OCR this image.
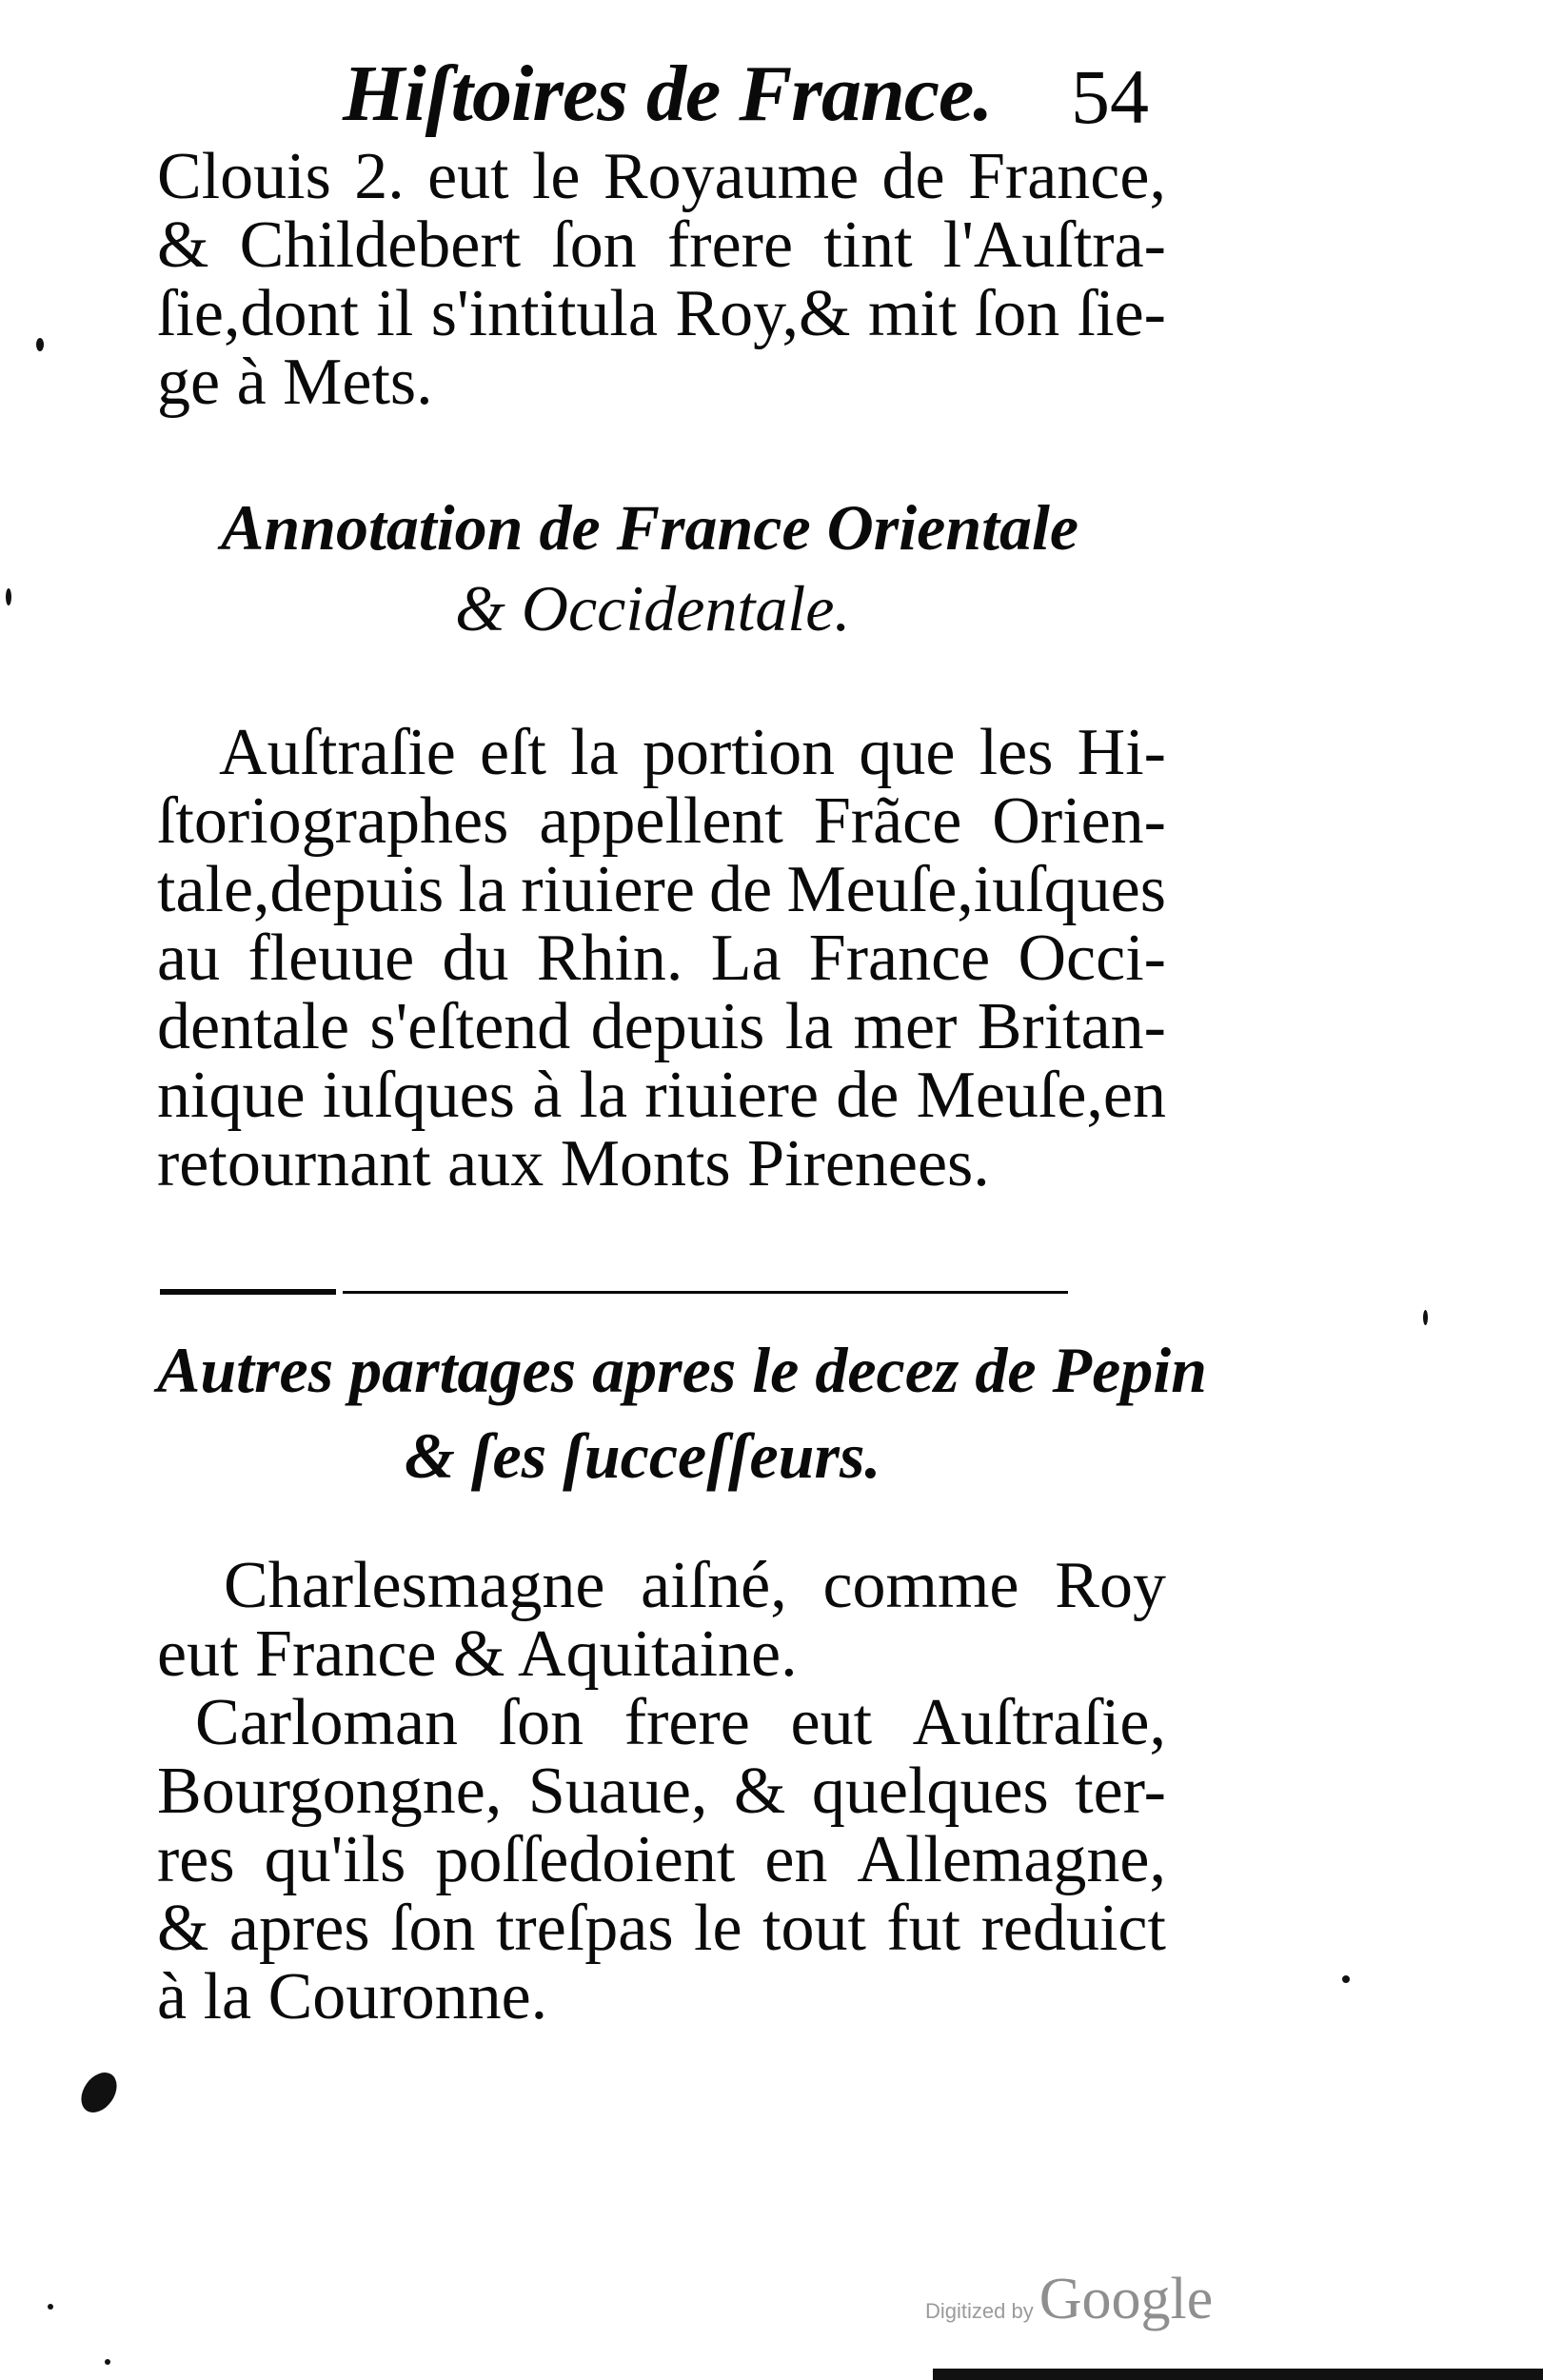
Hiſtoires de France. 54
Clouis 2. eut le Royaume de France,
& Childebert ſon frere tint l'Auſtra-
ſie,dont il s'intitula Roy,& mit ſon ſie-
ge à Mets.
Annotation de France Orientale
& Occidentale.
Auſtraſie eſt la portion que les Hi-
ſtoriographes appellent Frãce Orien-
tale,depuis la riuiere de Meuſe,iuſques
au fleuue du Rhin. La France Occi-
dentale s'eſtend depuis la mer Britan-
nique iuſques à la riuiere de Meuſe,en
retournant aux Monts Pirenees.
Autres partages apres le decez de Pepin
& ſes ſucceſſeurs.
Charlesmagne aiſné, comme Roy
eut France & Aquitaine.
Carloman ſon frere eut Auſtraſie,
Bourgongne, Suaue, & quelques ter-
res qu'ils poſſedoient en Allemagne,
& apres ſon treſpas le tout fut reduict
à la Couronne.
Digitized by Google
